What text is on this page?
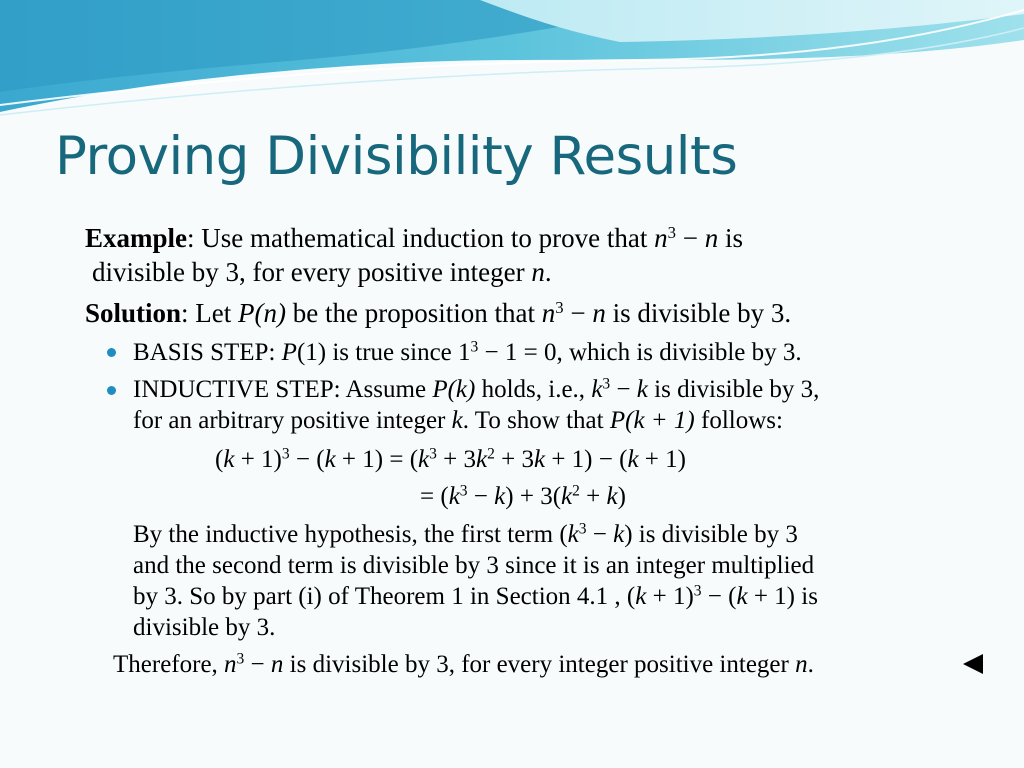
Proving Divisibility Results
Example: Use mathematical induction to prove that $n^3 - n$ is
divisible by 3, for every positive integer n.
Solution: Let P(n) be the proposition that $n^3 - n$ is divisible by 3.
BASIS STEP: P(1) is true since $1^3 - 1 = 0$, which is divisible by 3.
INDUCTIVE STEP: Assume P(k) holds, i.e., $k^3 - k$ is divisible by 3,
for an arbitrary positive integer k. To show that P(k + 1) follows:
$(k + 1)^3 - (k + 1) = (k^3 + 3k^2 + 3k + 1) - (k + 1)$
= $(k^3 - k) + 3(k^2 + k)$
By the inductive hypothesis, the first term $(k^3 - k)$ is divisible by 3
and the second term is divisible by 3 since it is an integer multiplied
by 3. So by part (i) of Theorem 1 in Section 4.1 , $(k + 1)^3 - (k + 1)$ is
divisible by 3.
Therefore, $n^3 - n$ is divisible by 3, for every integer positive integer n.
